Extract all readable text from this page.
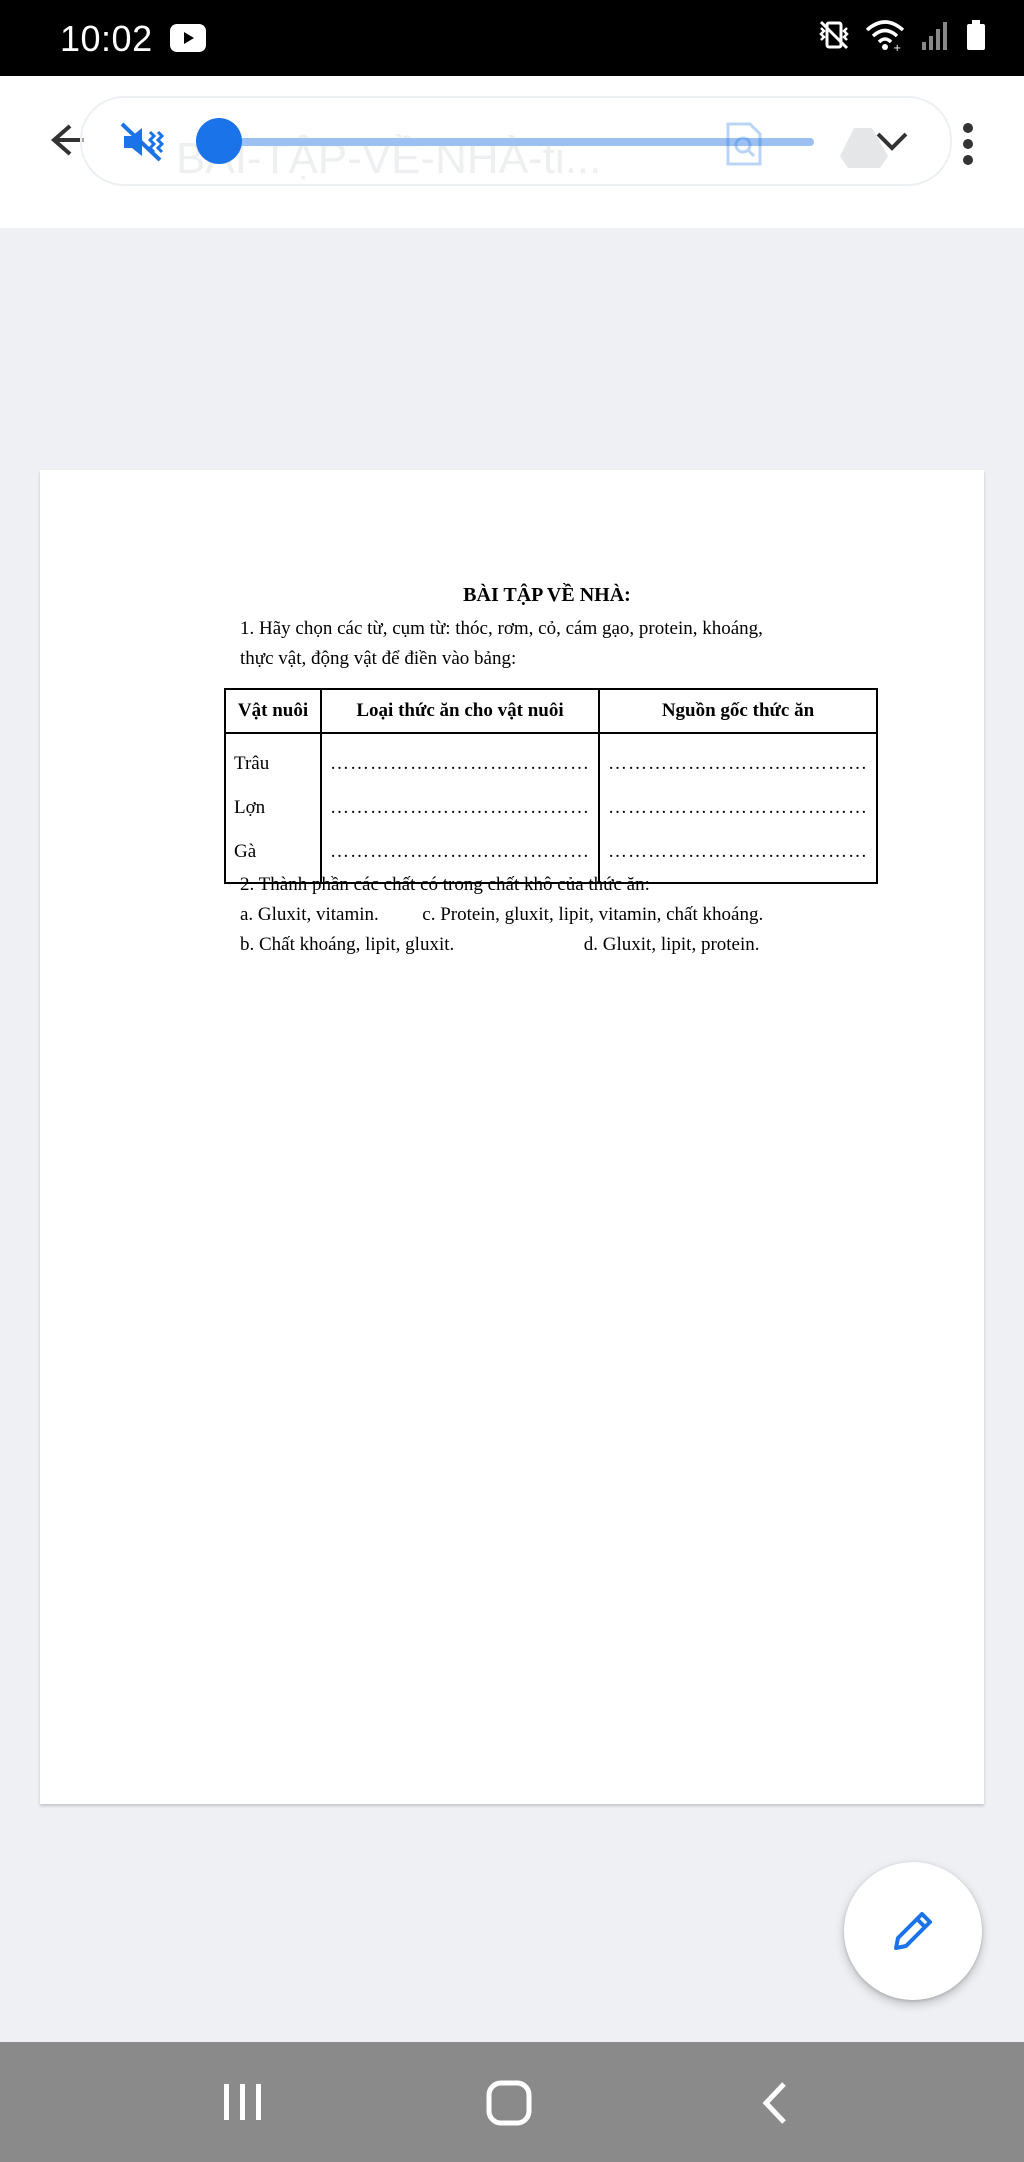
10:02
	+

BÀI TẬP VỀ NHÀ:
1. Hãy chọn các từ, cụm từ: thóc, rơm, cỏ, cám gạo, protein, khoáng,
thực vật, động vật để điền vào bảng:
Vật nuôi	Loại thức ăn cho vật nuôi	Nguồn gốc thức ăn
Trâu	…………………………………	…………………………………

Lợn	…………………………………	…………………………………

Gà	…………………………………	…………………………………
2. Thành phần các chất có trong chất khô của thức ăn:
a. Gluxit, vitamin. c. Protein, gluxit, lipit, vitamin, chất khoáng.
b. Chất khoáng, lipit, gluxit.	d. Gluxit, lipit, protein.
